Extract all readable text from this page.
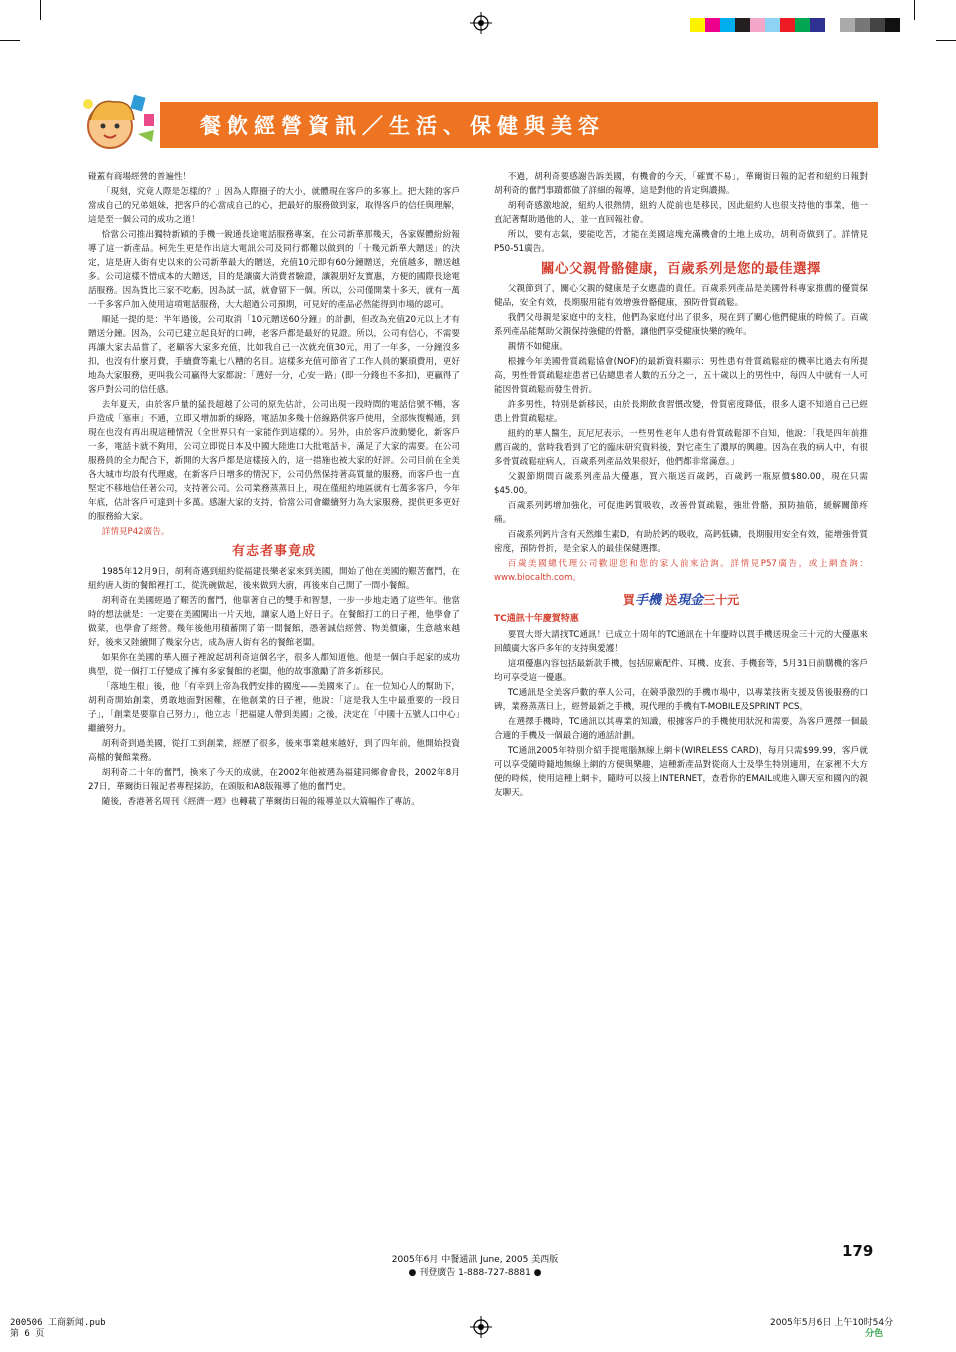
餐飲經營資訊／生活、保健與美容

碰蓋有商場經營的普遍性！

「現刻，究竟人際是怎樣的？」因為人際圈子的大小，就體現在客戶的多寡上。把大陸的客戶當成自己的兄弟姐妹，把客戶的心當成自己的心，把最好的服務做到家，取得客戶的信任與理解，這是至一個公司的成功之道！

恰當公司推出獨特新穎的手機一銳通長途電話服務專案，在公司新華那幾天，各家媒體紛紛報導了這一新產品。柯先生更是作出這大電訊公司及同行都難以做到的「十幾元新華大贈送」的決定，這是唐人街有史以來的公司新華最大的贈送，充值10元即有60分鐘贈送，充值越多，贈送越多。公司這樣不惜成本的大贈送，目的是讓廣大消費者驗證，讓親朋好友實惠，方便的國際長途電話服務。因為貨比三家不吃虧，因為試一試，就會留下一個。所以，公司僅開業十多天，就有一萬一千多客戶加入使用這項電話服務，大大超過公司預期，可見好的產品必然能得到市場的認可。

順延一提的是：半年過後，公司取消「10元贈送60分鐘」的計劃，但改為充值20元以上才有贈送分鐘。因為，公司已建立起良好的口碑，老客戶都是最好的見證。所以，公司有信心，不需要再讓大家去品嘗了，老顧客大家多充值，比如我自己一次就充值30元，用了一年多，一分鐘沒多扣，也沒有什麼月費，手續費等亂七八糟的名目。這樣多充值可節省了工作人員的繁瑣費用，更好地為大家服務，更叫我公司贏得大家都說：「選好一分，心安一路」(即一分錢也不多扣)，更贏得了客戶對公司的信任感。

去年夏天，由於客戶量的猛長超越了公司的原先估計，公司出現一段時間的電話信號不暢，客戶造成「塞車」不通，立即又增加新的線路，電話加多幾十倍線路供客戶使用，全部恢復暢通，到現在也沒有再出現這種情況（全世界只有一家能作到這樣的）。另外，由於客戶流動變化，新客戶一多，電話卡就不夠用，公司立即從日本及中國大陸進口大批電話卡，滿足了大家的需要。在公司服務員的全力配合下，新開的大客戶都是這樣接入的，這一措施也被大家的好評。公司目前在全美各大城市均設有代理處，在新客戶日增多的情況下，公司仍然保持著高質量的服務，而客戶也一直堅定不移地信任著公司，支持著公司。公司業務蒸蒸日上，現在僅紐約地區就有七萬多客戶，今年年底，估計客戶可達到十多萬。感謝大家的支持，恰當公司會繼續努力為大家服務，提供更多更好的服務給大家。

詳情見P42廣告。

有志者事竟成

1985年12月9日，胡利奇邁到紐約從福建長樂老家來到美國，開始了他在美國的艱苦奮鬥，在紐約唐人街的餐館裡打工，從洗碗做起，後來做到大廚，再後來自己開了一間小餐館。

胡利奇在美國經過了艱苦的奮鬥，他靠著自己的雙手和智慧，一步一步地走過了這些年。他當時的想法就是：一定要在美國闖出一片天地，讓家人過上好日子。在餐館打工的日子裡，他學會了做菜，也學會了經營。幾年後他用積蓄開了第一間餐館，憑著誠信經營、物美價廉，生意越來越好，後來又陸續開了幾家分店，成為唐人街有名的餐館老闆。

如果你在美國的華人圈子裡說起胡利奇這個名字，很多人都知道他。他是一個白手起家的成功典型，從一個打工仔變成了擁有多家餐館的老闆，他的故事激勵了許多新移民。

「落地生根」後，他「有幸到上帝為我們安排的國度——美國來了」。在一位知心人的幫助下，胡利奇開始創業，勇敢地面對困難，在他創業的日子裡，他說：「這是我人生中最重要的一段日子」，「創業是要靠自己努力」，他立志「把福建人帶到美國」之後，決定在「中國十五號人口中心」繼續努力。

胡利奇到過美國，從打工到創業，經歷了很多，後來事業越來越好，到了四年前，他開始投資高檔的餐館業務。

胡利奇二十年的奮鬥，換來了今天的成就，在2002年他被選為福建同鄉會會長，2002年8月27日，華爾街日報記者專程採訪，在頭版和A8版報導了他的奮鬥史。

隨後，香港著名周刊《經濟一週》也轉載了華爾街日報的報導並以大篇幅作了專訪。

不過，胡利奇要感謝告訴美國，有機會的今天，「確實不易」，華爾街日報的記者和紐約日報對胡利奇的奮鬥事蹟都做了詳細的報導，這是對他的肯定與讚揚。

胡利奇感激地說，紐約人很熱情，紐約人從前也是移民，因此紐約人也很支持他的事業，他一直記著幫助過他的人，並一直回報社會。

所以，要有志氣，要能吃苦，才能在美國這塊充滿機會的土地上成功，胡利奇做到了。詳情見P50-51廣告。

關心父親骨骼健康，百歲系列是您的最佳選擇

父親節到了，關心父親的健康是子女應盡的責任。百歲系列產品是美國骨科專家推薦的優質保健品，安全有效，長期服用能有效增強骨骼健康，預防骨質疏鬆。

我們父母親是家庭中的支柱，他們為家庭付出了很多，現在到了關心他們健康的時候了。百歲系列產品能幫助父親保持強健的骨骼，讓他們享受健康快樂的晚年。

親情不如健康。

根據今年美國骨質疏鬆協會(NOF)的最新資料顯示：男性患有骨質疏鬆症的機率比過去有所提高，男性骨質疏鬆症患者已佔總患者人數的五分之一，五十歲以上的男性中，每四人中就有一人可能因骨質疏鬆而發生骨折。

許多男性，特別是新移民，由於長期飲食習慣改變，骨質密度降低，很多人還不知道自己已經患上骨質疏鬆症。

紐約的華人醫生，瓦尼尼表示，一些男性老年人患有骨質疏鬆卻不自知，他說：「我是四年前推薦百歲的，當時我看到了它的臨床研究資料後，對它產生了濃厚的興趣。因為在我的病人中，有很多骨質疏鬆症病人，百歲系列產品效果很好，他們都非常滿意。」

父親節期間百歲系列產品大優惠，買六瓶送百歲鈣，百歲鈣一瓶原價$80.00，現在只需$45.00。

百歲系列鈣增加強化，可促進鈣質吸收，改善骨質疏鬆，強壯骨骼，預防抽筋，緩解關節疼痛。

百歲系列鈣片含有天然維生素D，有助於鈣的吸收，高鈣低磷，長期服用安全有效，能增強骨質密度，預防骨折，是全家人的最佳保健選擇。

百歲美國總代理公司歡迎您和您的家人前來洽詢。詳情見P57廣告，或上網查詢：www.biocalth.com。

買手機 送現金三十元
TC通訊十年慶賀特惠

要買大哥大請找TC通訊！已成立十周年的TC通訊在十年慶時以買手機送現金三十元的大優惠來回饋廣大客戶多年的支持與愛護！

這項優惠內容包括最新款手機，包括原廠配件、耳機、皮套、手機套等，5月31日前購機的客戶均可享受這一優惠。

TC通訊是全美客戶數的華人公司，在競爭激烈的手機市場中，以專業技術支援及售後服務的口碑，業務蒸蒸日上，經營最新之手機，現代理的手機有T-MOBILE及SPRINT PCS。

在選擇手機時，TC通訊以其專業的知識，根據客戶的手機使用狀況和需要，為客戶選擇一個最合適的手機及一個最合適的通話計劃。

TC通訊2005年特別介紹手提電腦無線上網卡(WIRELESS CARD)，每月只需$99.99，客戶就可以享受隨時隨地無線上網的方便與樂趣，這種新產品對從商人士及學生特別適用，在家裡不大方便的時候，使用這種上網卡，隨時可以接上INTERNET，查看你的EMAIL或進入聊天室和國內的親友聊天。

179
2005年6月 中餐通訊 June, 2005 美西版
● 刊登廣告 1-888-727-8881 ●
200506 工商新闻.pub
第 6 页
2005年5月6日 上午10时54分
分色
